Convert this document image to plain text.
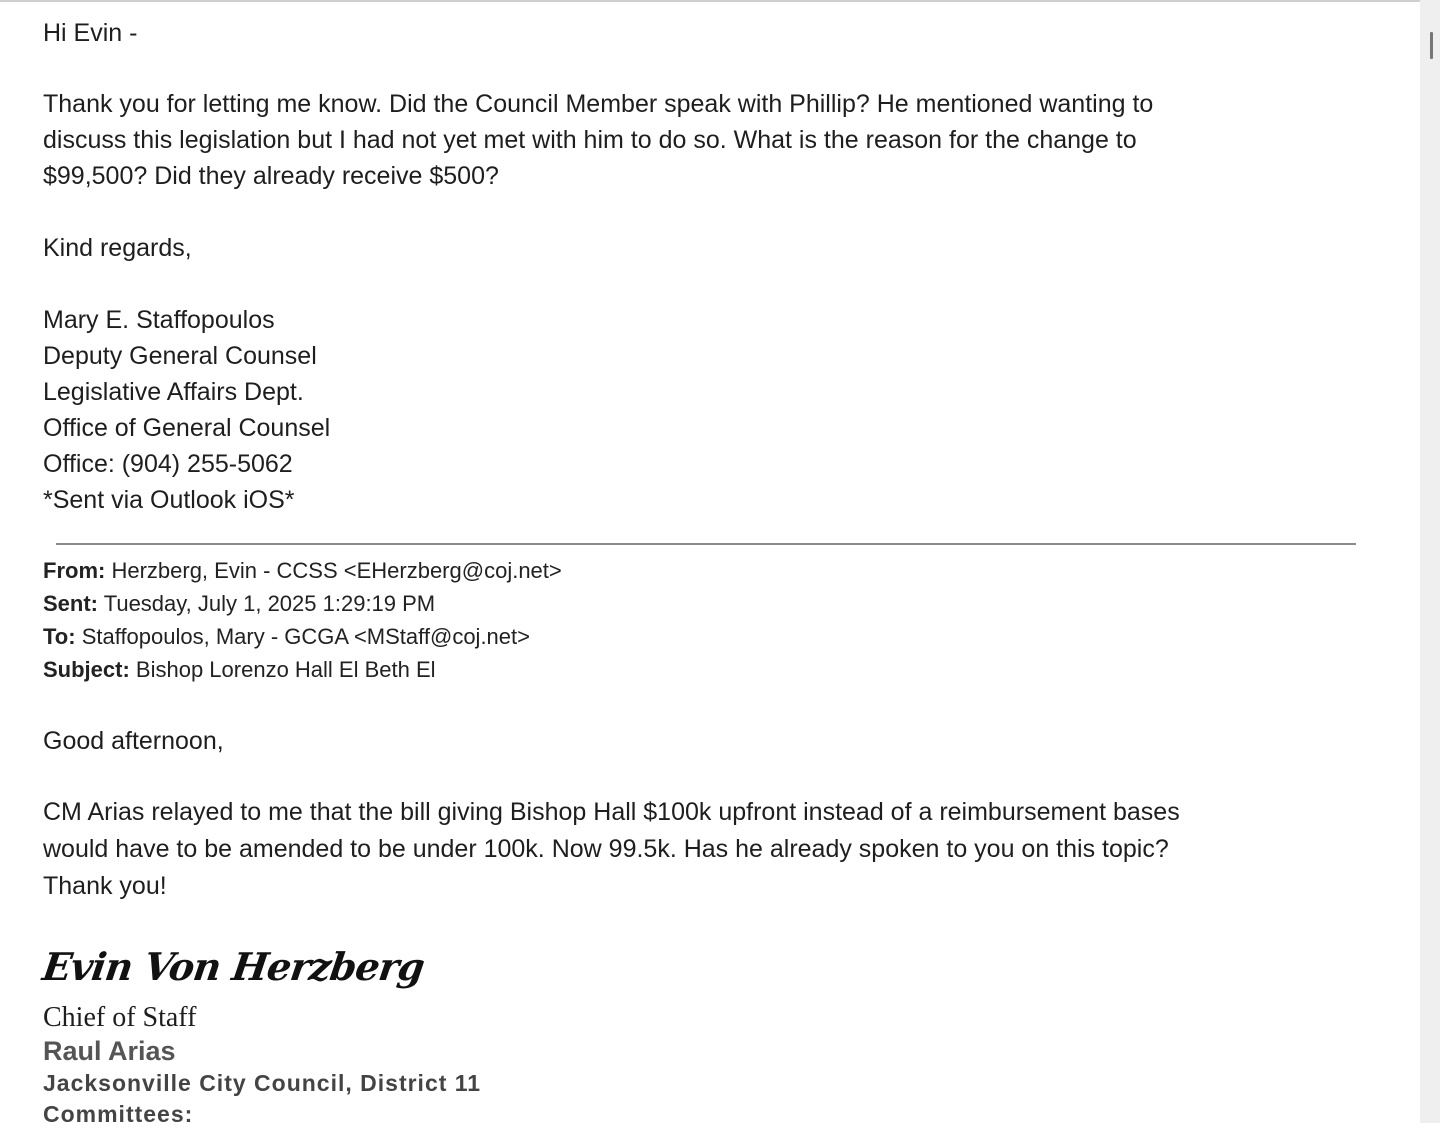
Hi Evin -
Thank you for letting me know. Did the Council Member speak with Phillip? He mentioned wanting to
discuss this legislation but I had not yet met with him to do so. What is the reason for the change to
$99,500? Did they already receive $500?
Kind regards,
Mary E. Staffopoulos
Deputy General Counsel
Legislative Affairs Dept.
Office of General Counsel
Office: (904) 255-5062
*Sent via Outlook iOS*
From: Herzberg, Evin - CCSS <EHerzberg@coj.net>
Sent: Tuesday, July 1, 2025 1:29:19 PM
To: Staffopoulos, Mary - GCGA <MStaff@coj.net>
Subject: Bishop Lorenzo Hall El Beth El
Good afternoon,
CM Arias relayed to me that the bill giving Bishop Hall $100k upfront instead of a reimbursement bases
would have to be amended to be under 100k. Now 99.5k. Has he already spoken to you on this topic?
Thank you!
Evin Von Herzberg
Chief of Staff
Raul Arias
Jacksonville City Council, District 11
Committees:
